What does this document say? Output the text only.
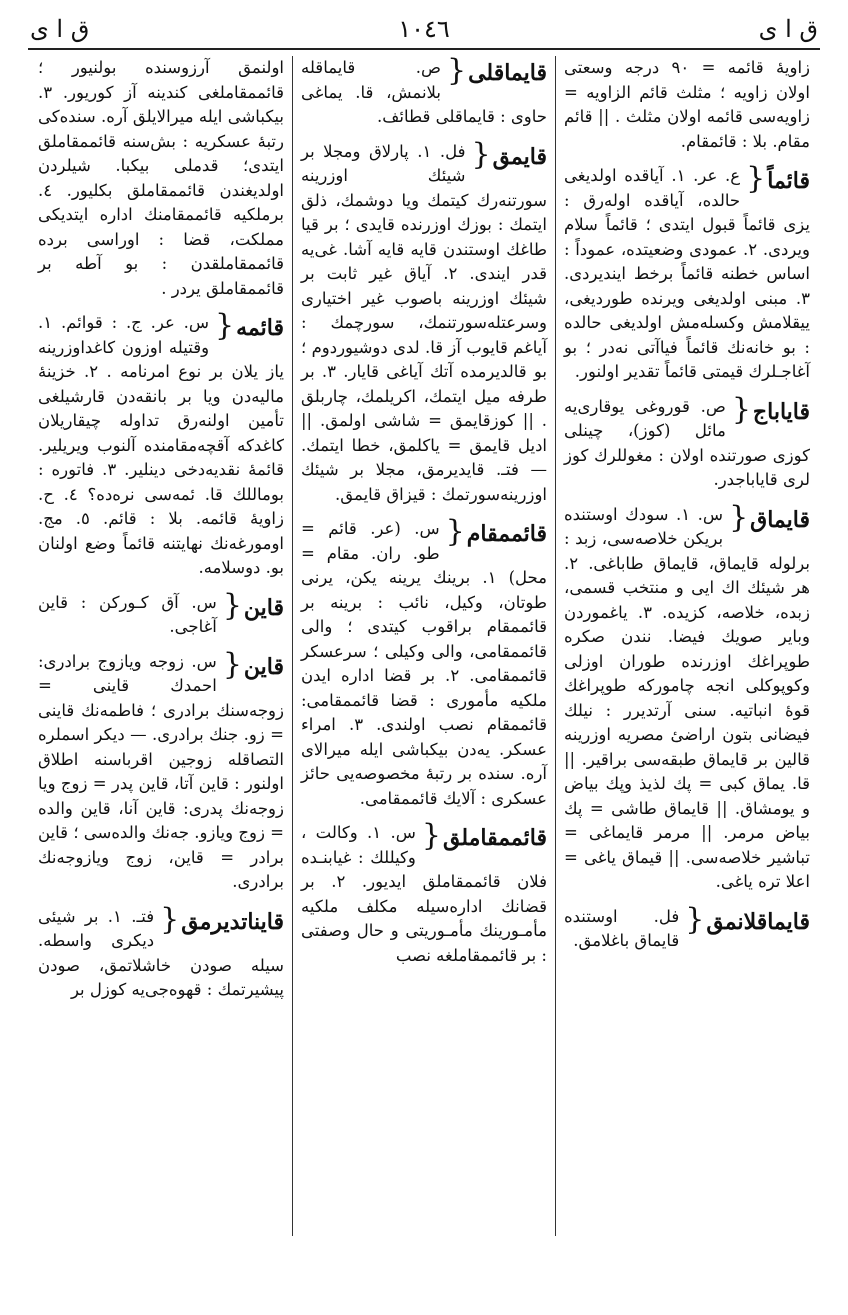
ق ا ى
١٠٤٦
ق ا ى
زاويهٔ قائمه = ٩٠ درجه وسعتی اولان زاویه ؛ مثلث قائم الزاویه = زاویه‌سی قائمه اولان مثلث . || قائم مقام. بلا : قائمقام.
قائماً{
ع. عر. ١. آیاقده اولدیغی حالده، آیاقده اوله‌رق : یزی قائماً قبول ایتدی ؛ قائماً سلام ویردی. ٢. عمودی وضعیتده، عموداً : اساس خطنه قائماً برخط ایندیردی. ٣. مبنی اولدیغی ویرنده طوردیغی، ییقلامش وکسله‌مش اولدیغی حالده : بو خانه‌نك قائماً فیاآتی نه‌در ؛ بو آغاجـلرك قیمتی قائماً تقدیر اولنور.
قایاباج{
ص. قوروغی یوقاری‌یه مائل (کوز)، چینلی کوزی صورتنده اولان : مغوللرك کوز لری قایاباجدر.
قایماق{
س. ١. سودك اوستنده بریکن خلاصه‌سی، زبد : برلوله قایماق، قایماق طاباغی. ٢. هر شیئك اك ایی و منتخب قسمی، زبده، خلاصه، کزیده. ٣. یاغموردن وبایر صویك فیضا. نندن صکره طوپراغك اوزرنده طوران اوزلی وکوپوكلی انجه چامورکه طوپراغك قوهٔ انباتیه. سنی آرتدیرر : نیلك فیضانی بتون اراضیٔ مصریه اوزرینه قالین بر قایماق طبقه‌سی براقیر. || قا. یماق کبی = پك لذیذ وپك بیاض و یومشاق. || قایماق طاشی = پك بیاض مرمر. || مرمر قایماغی = تباشیر خلاصه‌سی. || قیماق یاغی = اعلا تره یاغی.
قایماقلانمق{
فل. اوستنده قایماق باغلامق.
قایماقلی{
ص. قایماقله بلانمش، قا. یماغی حاوی : قایماقلی قطائف.
قایمق{
فل. ١. پارلاق ومجلا بر شیئك اوزرینه سورتنه‌رك کیتمك ویا دوشمك، ذلق ایتمك : بوزك اوزرنده قایدی ؛ بر قیا طاغك اوستندن قایه قایه آشا. غی‌یه قدر ایندی. ٢. آیاق غیر ثابت بر شیئك اوزرینه باصوب غیر اختیاری وسرعتله‌سورتنمك، سورچمك : آیاغم قایوب آز قا. لدی دوشیوردوم ؛ بو قالدیرمده آتك آیاغی قایار. ٣. بر طرفه میل ایتمك، اکریلمك، چاربلق . || کوزقایمق = شاشی اولمق. || ادیل قایمق = یاکلمق، خطا ایتمك. — فتـ. قایدیرمق، مجلا بر شیئك اوزرینه‌سورتمك : قیزاق قایمق.
قائممقام{
س. (عر. قائم = طو. ران. مقام = محل) ١. برینك یرینه یکن، یرنی طوتان، وکیل، نائب : برینه بر قائممقام براقوب کیتدی ؛ والی قائممقامی، والی وکیلی ؛ سرعسکر قائممقامی. ٢. بر قضا اداره ایدن ملکیه مأموری : قضا قائممقامی: قائممقام نصب اولندی. ٣. امراء عسکر. یه‌دن بیکباشی ایله میرالای آره. سنده بر رتبهٔ مخصوصه‌یی حائز عسکری : آلایك قائممقامی.
قائممقاملق{
س. ١. وکالت ، وکیللك : غیابنـده فلان قائممقاملق ایدیور. ٢. بر قضانك اداره‌سیله مکلف ملکیه مأمـورینك مأمـوریتی و حال وصفتی : بر قائممقاملغه نصب
اولنمق آرزوسنده بولنیور ؛ قائممقاملغی کندینه آز کوریور. ٣. بیکباشی ایله میرالایلق آره. سنده‌کی رتبهٔ عسکریه : بش‌سنه قائممقاملق ایتدی؛ قدملی بیکبا. شیلردن اولدیغندن قائممقاملق بکلیور. ٤. برملکیه قائممقامنك اداره ایتدیکی مملکت، قضا : اوراسی برده قائممقاملقدن : بو آطه بر قائممقاملق یردر .
قائمه{
س. عر. ج. : قوائم. ١. وقتیله اوزون کاغداوزرینه یاز یلان بر نوع امرنامه . ٢. خزینهٔ مالیه‌دن ویا بر بانقه‌دن قارشیلغی تأمین اولنه‌رق تداوله چیقاریلان کاغدکه آقچه‌مقامنده آلنوب ویریلیر. قائمهٔ نقدیه‌دخی دینلیر. ٣. فاتوره : بوماللك قا. ئمه‌سی نره‌ده؟ ٤. ح. زاویهٔ قائمه. بلا : قائم. ٥. مج. اومورغه‌نك نهایتنه قائماً وضع اولنان بو. دوسلامه.
قاین{
س. آق کـورکن : قاین آغاجی.
قاین{
س. زوجه ویازوج برادری: احمدك قاینی = زوجه‌سنك برادری ؛ فاطمه‌نك قاینی = زو. جنك برادری. — دیکر اسملره التصاقله زوجین اقرباسنه اطلاق اولنور : قاین آتا، قاین پدر = زوج ویا زوجه‌نك پدری: قاین آنا، قاین والده = زوج ویازو. جه‌نك والده‌سی ؛ قاین برادر = قاین، زوج ویازوجه‌نك برادری.
قایناتدیرمق{
فتـ. ١. بر شیئی دیکری واسطه. سیله صودن خاشلاتمق، صودن پیشیرتمك : قهوه‌جی‌یه کوزل بر
